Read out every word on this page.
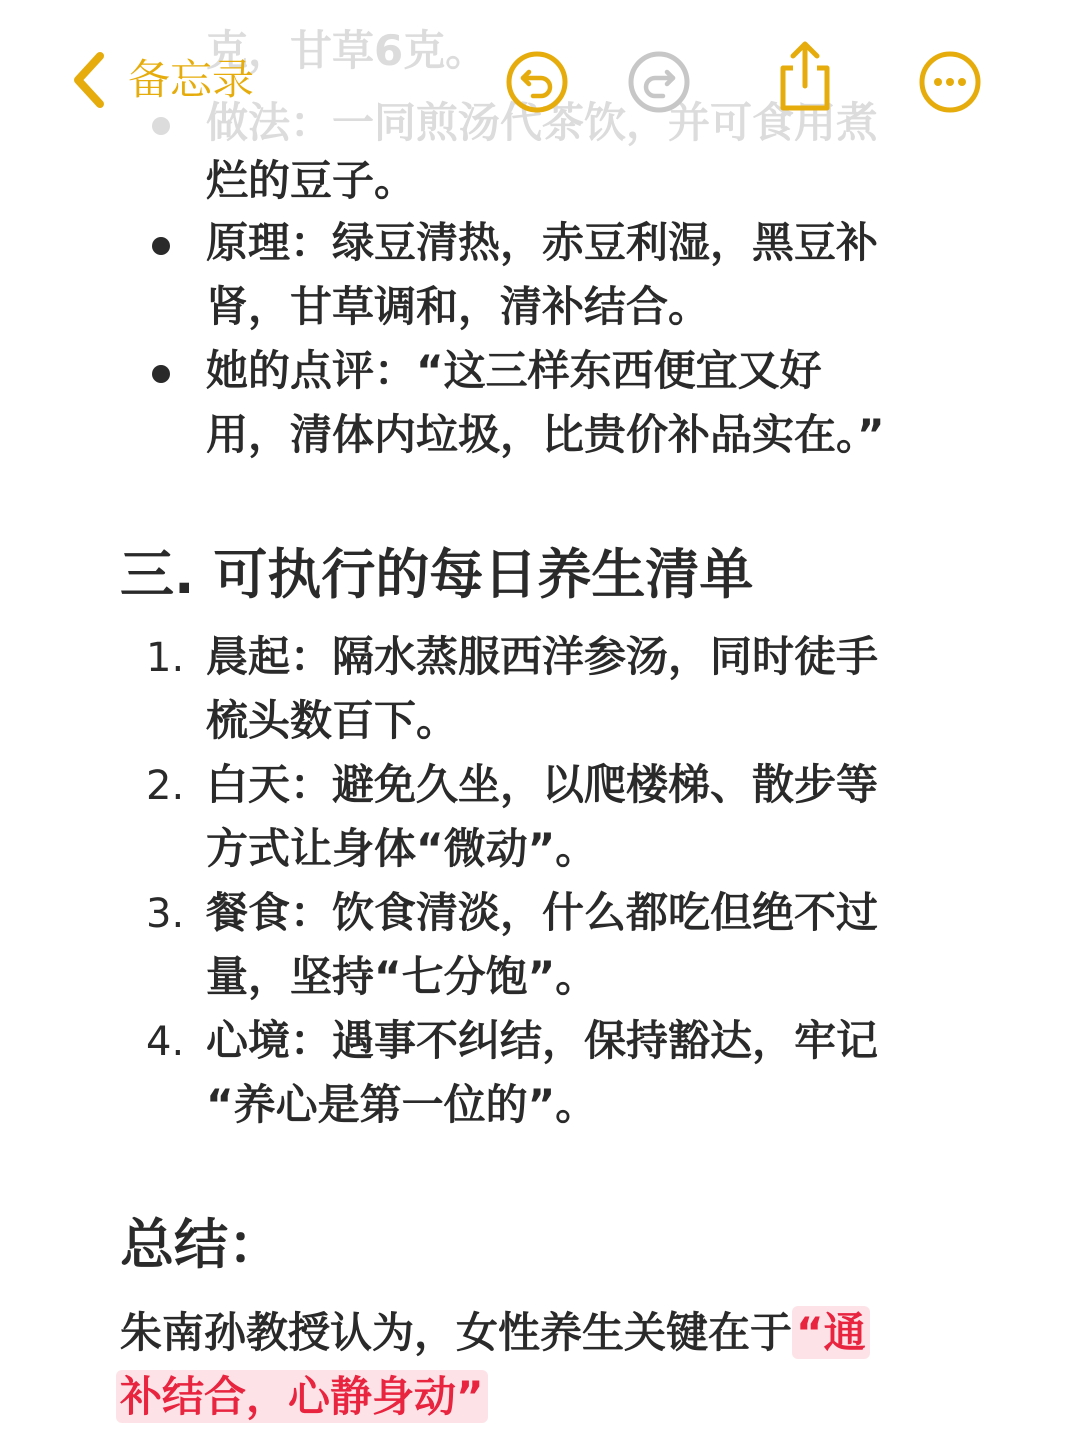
克，甘草6克。
做法：一同煎汤代茶饮，并可食用煮
备忘录
烂的豆子。
原理：绿豆清热，赤豆利湿，黑豆补
肾，甘草调和，清补结合。
她的点评：“这三样东西便宜又好
用，清体内垃圾，比贵价补品实在。”
三. 可执行的每日养生清单
1. 晨起：隔水蒸服西洋参汤，同时徒手
梳头数百下。
2. 白天：避免久坐，以爬楼梯、散步等
方式让身体“微动”。
3. 餐食：饮食清淡，什么都吃但绝不过
量，坚持“七分饱”。
4. 心境：遇事不纠结，保持豁达，牢记
“养心是第一位的”。
总结：
朱南孙教授认为，女性养生关键在于“通
补结合，心静身动”
